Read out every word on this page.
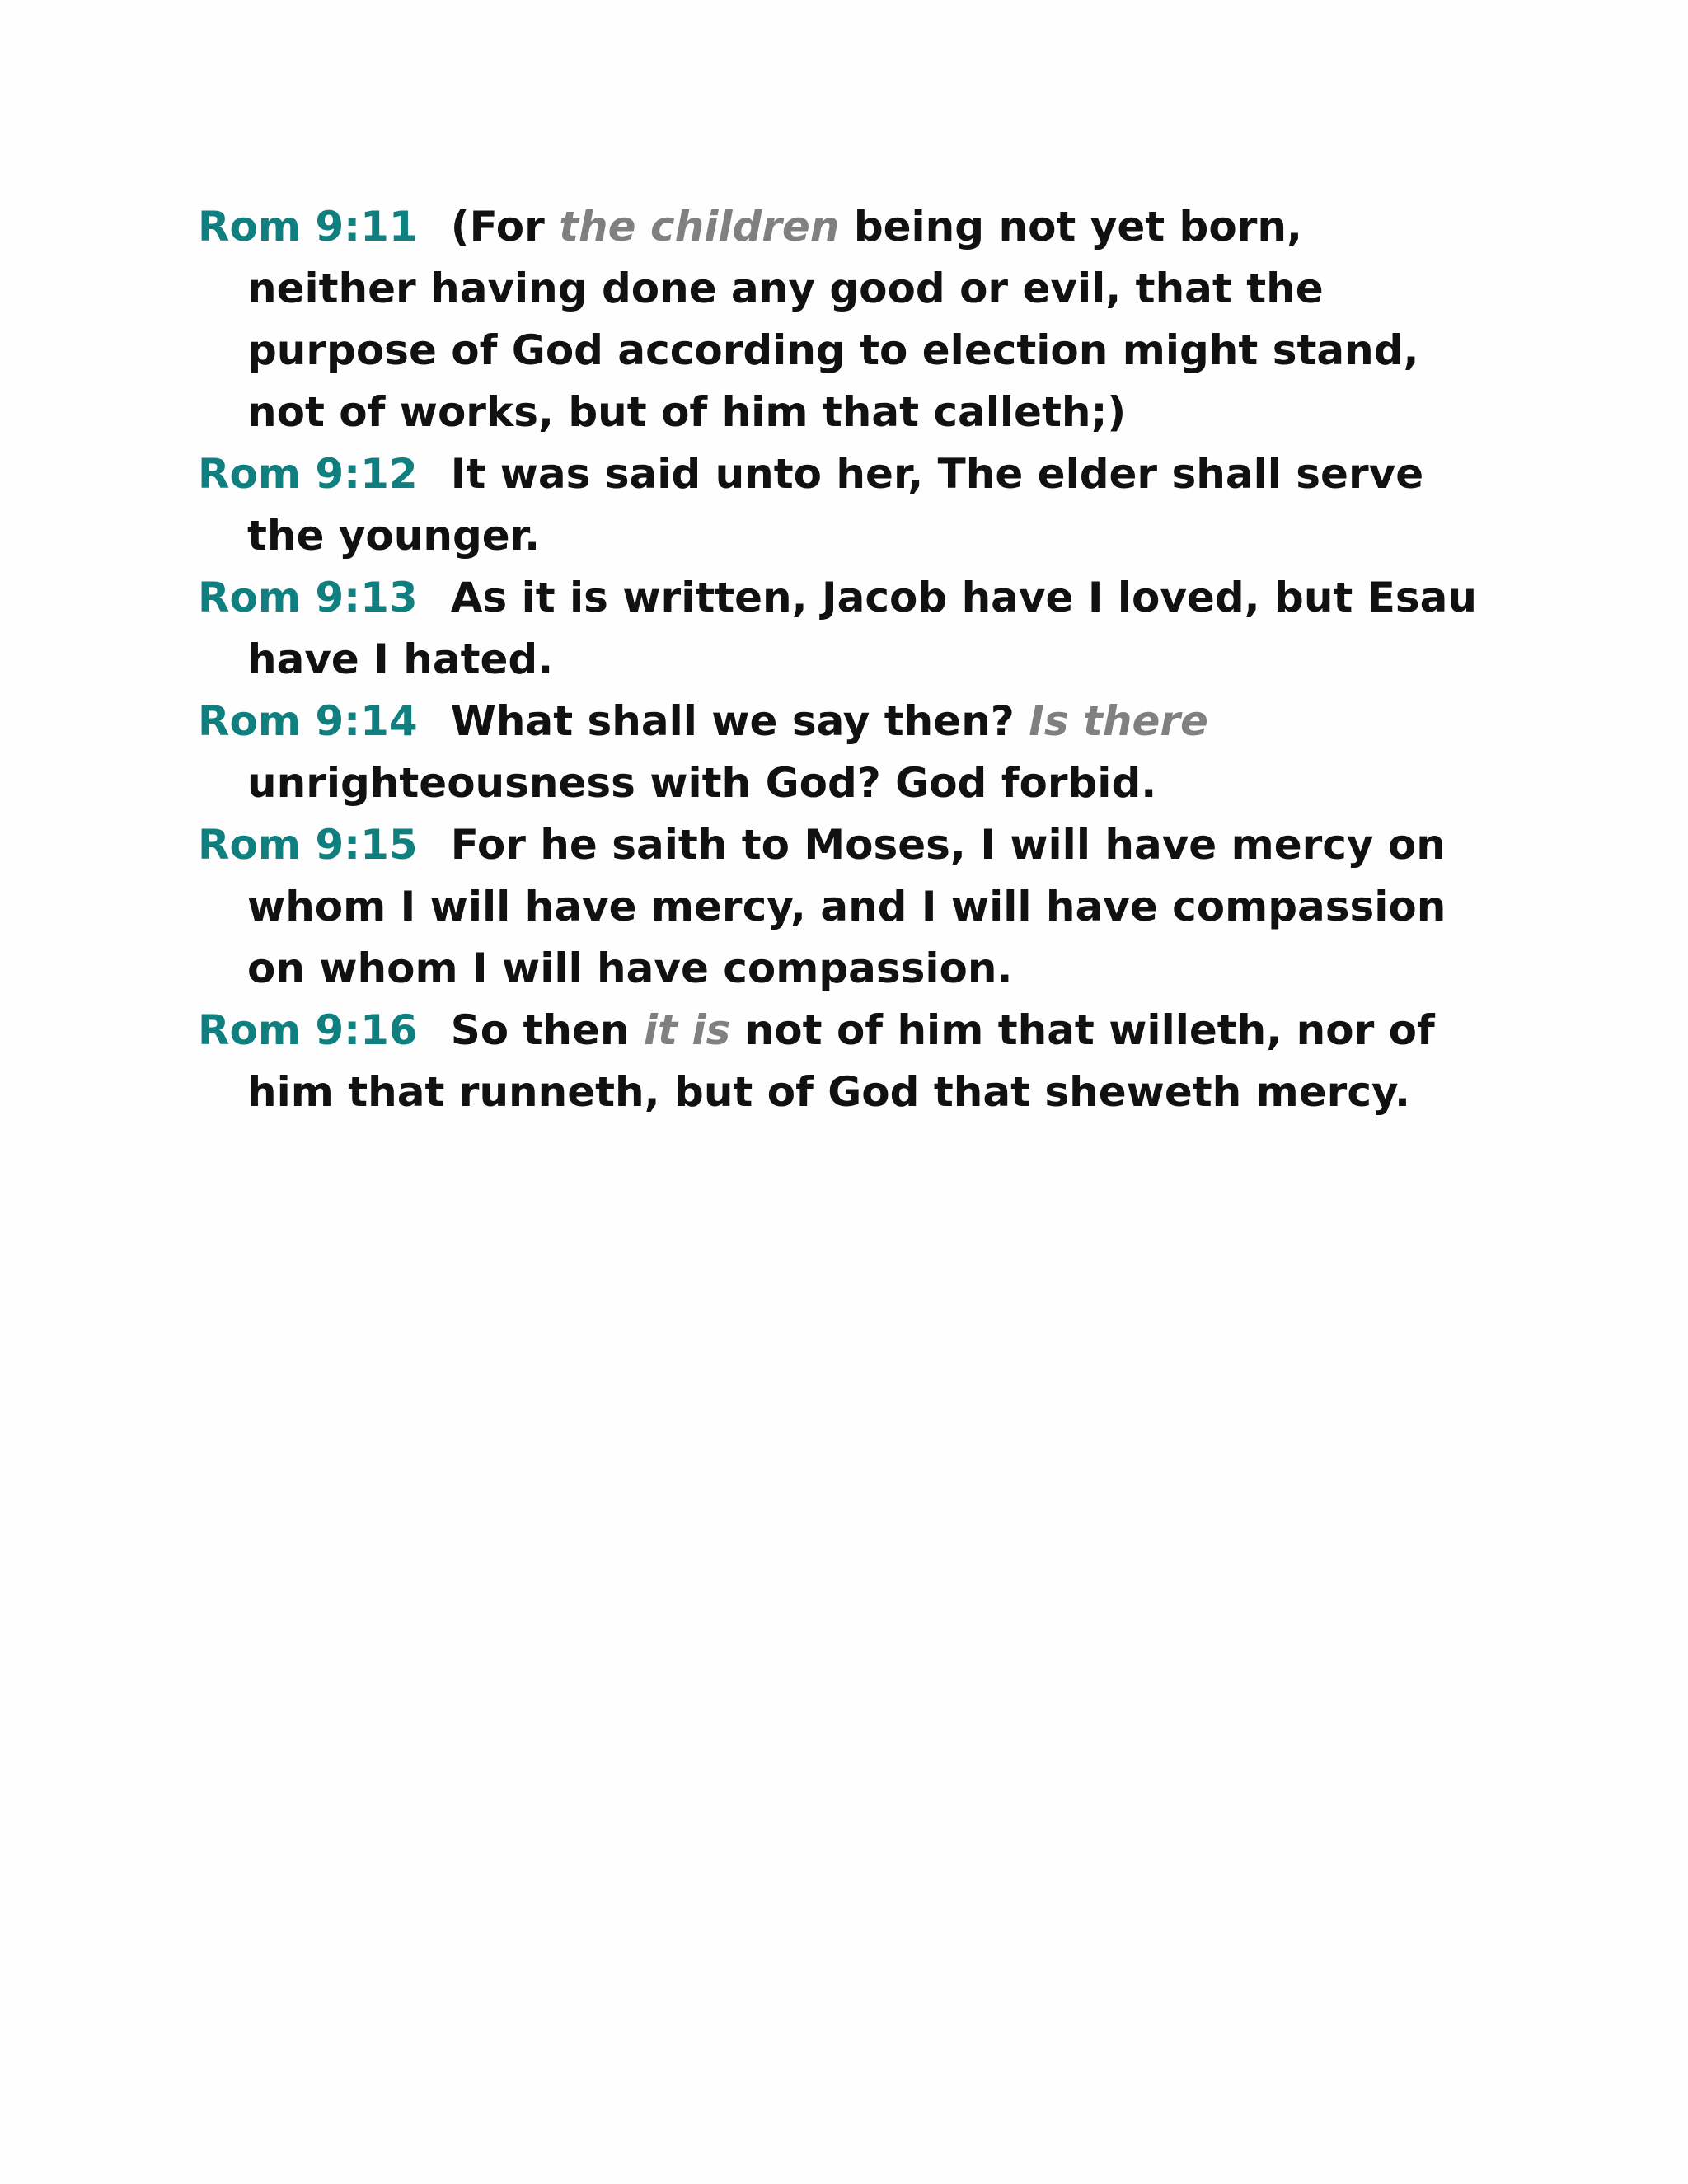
Rom 9:11 (For the children being not yet born, neither having done any good or evil, that the purpose of God according to election might stand, not of works, but of him that calleth;)

Rom 9:12 It was said unto her, The elder shall serve the younger.

Rom 9:13 As it is written, Jacob have I loved, but Esau have I hated.

Rom 9:14 What shall we say then? Is there unrighteousness with God? God forbid.

Rom 9:15 For he saith to Moses, I will have mercy on whom I will have mercy, and I will have compassion on whom I will have compassion.

Rom 9:16 So then it is not of him that willeth, nor of him that runneth, but of God that sheweth mercy.
